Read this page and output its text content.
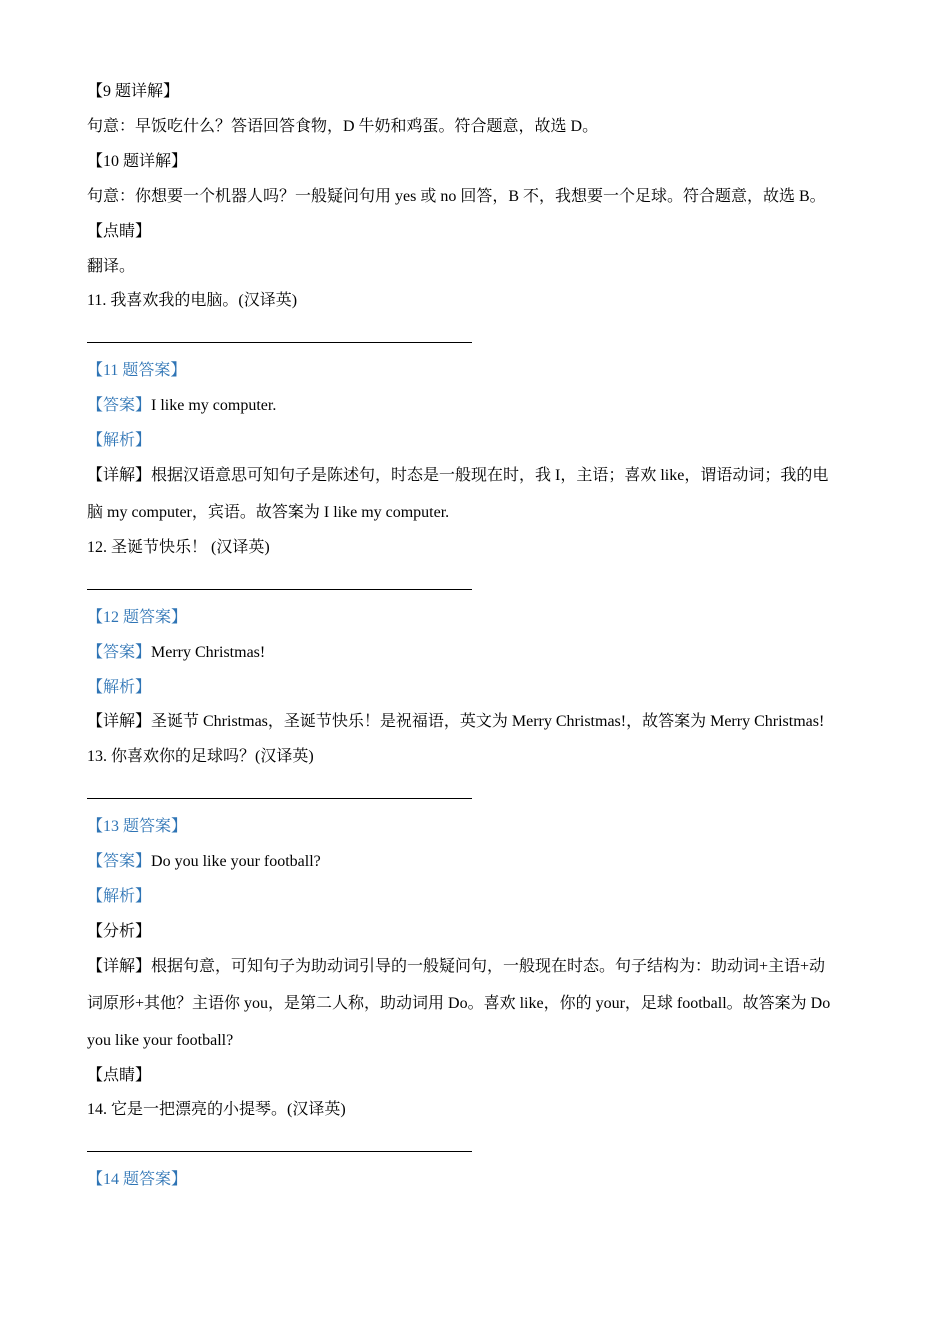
【9 题详解】
句意：早饭吃什么？答语回答食物，D 牛奶和鸡蛋。符合题意，故选 D。
【10 题详解】
句意：你想要一个机器人吗？一般疑问句用 yes 或 no 回答，B 不，我想要一个足球。符合题意，故选 B。
【点睛】
翻译。
11. 我喜欢我的电脑。(汉译英)
【11 题答案】
【答案】I like my computer.
【解析】
【详解】根据汉语意思可知句子是陈述句，时态是一般现在时，我 I，主语；喜欢 like，谓语动词；我的电
脑 my computer，宾语。故答案为 I like my computer.
12. 圣诞节快乐！ (汉译英)
【12 题答案】
【答案】Merry Christmas!
【解析】
【详解】圣诞节 Christmas，圣诞节快乐！是祝福语，英文为 Merry Christmas!，故答案为 Merry Christmas!
13. 你喜欢你的足球吗？(汉译英)
【13 题答案】
【答案】Do you like your football?
【解析】
【分析】
【详解】根据句意，可知句子为助动词引导的一般疑问句，一般现在时态。句子结构为：助动词+主语+动
词原形+其他？主语你 you，是第二人称，助动词用 Do。喜欢 like，你的 your，足球 football。故答案为 Do
you like your football?
【点睛】
14. 它是一把漂亮的小提琴。(汉译英)
【14 题答案】
